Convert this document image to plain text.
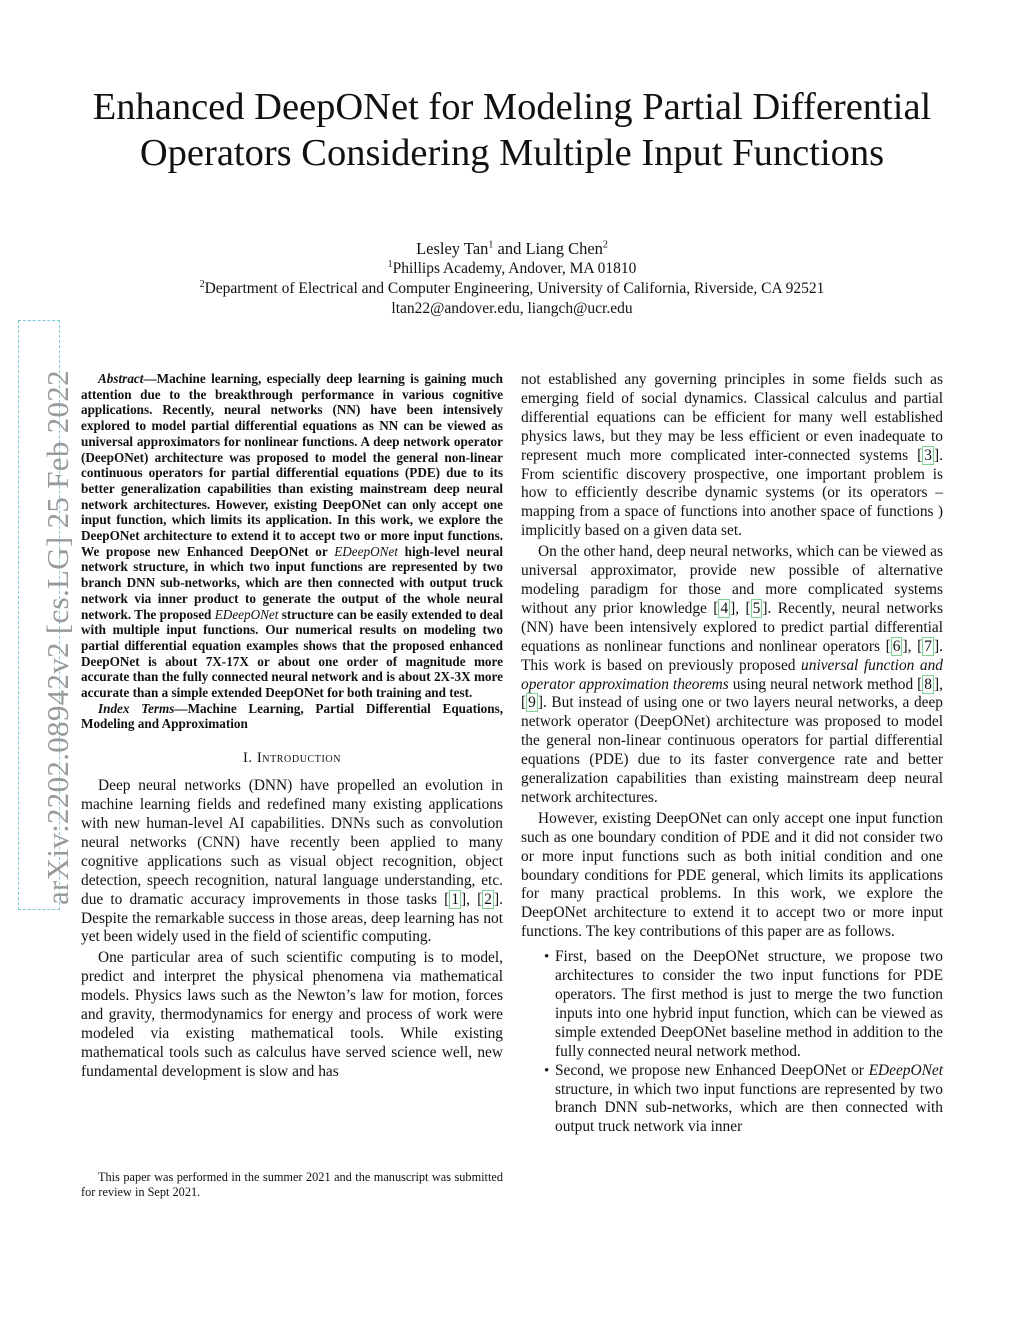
arXiv:2202.08942v2 [cs.LG] 25 Feb 2022
Enhanced DeepONet for Modeling Partial Differential Operators Considering Multiple Input Functions
Lesley Tan$^1$ and Liang Chen$^2$
$^1$Phillips Academy, Andover, MA 01810
$^2$Department of Electrical and Computer Engineering, University of California, Riverside, CA 92521
ltan22@andover.edu, liangch@ucr.edu

Abstract—Machine learning, especially deep learning is gaining much attention due to the breakthrough performance in various cognitive applications. Recently, neural networks (NN) have been intensively explored to model partial differential equations as NN can be viewed as universal approximators for nonlinear functions. A deep network operator (DeepONet) architecture was proposed to model the general non-linear continuous operators for partial differential equations (PDE) due to its better generalization capabilities than existing mainstream deep neural network architectures. However, existing DeepONet can only accept one input function, which limits its application. In this work, we explore the DeepONet architecture to extend it to accept two or more input functions. We propose new Enhanced DeepONet or EDeepONet high-level neural network structure, in which two input functions are represented by two branch DNN sub-networks, which are then connected with output truck network via inner product to generate the output of the whole neural network. The proposed EDeepONet structure can be easily extended to deal with multiple input functions. Our numerical results on modeling two partial differential equation examples shows that the proposed enhanced DeepONet is about 7X-17X or about one order of magnitude more accurate than the fully connected neural network and is about 2X-3X more accurate than a simple extended DeepONet for both training and test.

Index Terms—Machine Learning, Partial Differential Equations, Modeling and Approximation

I. Introduction

Deep neural networks (DNN) have propelled an evolution in machine learning fields and redefined many existing applications with new human-level AI capabilities. DNNs such as convolution neural networks (CNN) have recently been applied to many cognitive applications such as visual object recognition, object detection, speech recognition, natural language understanding, etc. due to dramatic accuracy improvements in those tasks [ 1 ], [ 2 ]. Despite the remarkable success in those areas, deep learning has not yet been widely used in the field of scientific computing.

One particular area of such scientific computing is to model, predict and interpret the physical phenomena via mathematical models. Physics laws such as the Newton’s law for motion, forces and gravity, thermodynamics for energy and process of work were modeled via existing mathematical tools. While existing mathematical tools such as calculus have served science well, new fundamental development is slow and has

This paper was performed in the summer 2021 and the manuscript was submitted for review in Sept 2021.

not established any governing principles in some fields such as emerging field of social dynamics. Classical calculus and partial differential equations can be efficient for many well established physics laws, but they may be less efficient or even inadequate to represent much more complicated inter-connected systems [ 3 ]. From scientific discovery prospective, one important problem is how to efficiently describe dynamic systems (or its operators – mapping from a space of functions into another space of functions ) implicitly based on a given data set.

On the other hand, deep neural networks, which can be viewed as universal approximator, provide new possible of alternative modeling paradigm for those and more complicated systems without any prior knowledge [ 4 ], [ 5 ]. Recently, neural networks (NN) have been intensively explored to predict partial differential equations as nonlinear functions and nonlinear operators [ 6 ], [ 7 ]. This work is based on previously proposed universal function and operator approximation theorems using neural network method [ 8 ], [ 9 ]. But instead of using one or two layers neural networks, a deep network operator (DeepONet) architecture was proposed to model the general non-linear continuous operators for partial differential equations (PDE) due to its faster convergence rate and better generalization capabilities than existing mainstream deep neural network architectures.

However, existing DeepONet can only accept one input function such as one boundary condition of PDE and it did not consider two or more input functions such as both initial condition and one boundary conditions for PDE general, which limits its applications for many practical problems. In this work, we explore the DeepONet architecture to extend it to accept two or more input functions. The key contributions of this paper are as follows.

• First, based on the DeepONet structure, we propose two architectures to consider the two input functions for PDE operators. The first method is just to merge the two function inputs into one hybrid input function, which can be viewed as simple extended DeepONet baseline method in addition to the fully connected neural network method.
• Second, we propose new Enhanced DeepONet or EDeepONet structure, in which two input functions are represented by two branch DNN sub-networks, which are then connected with output truck network via inner
